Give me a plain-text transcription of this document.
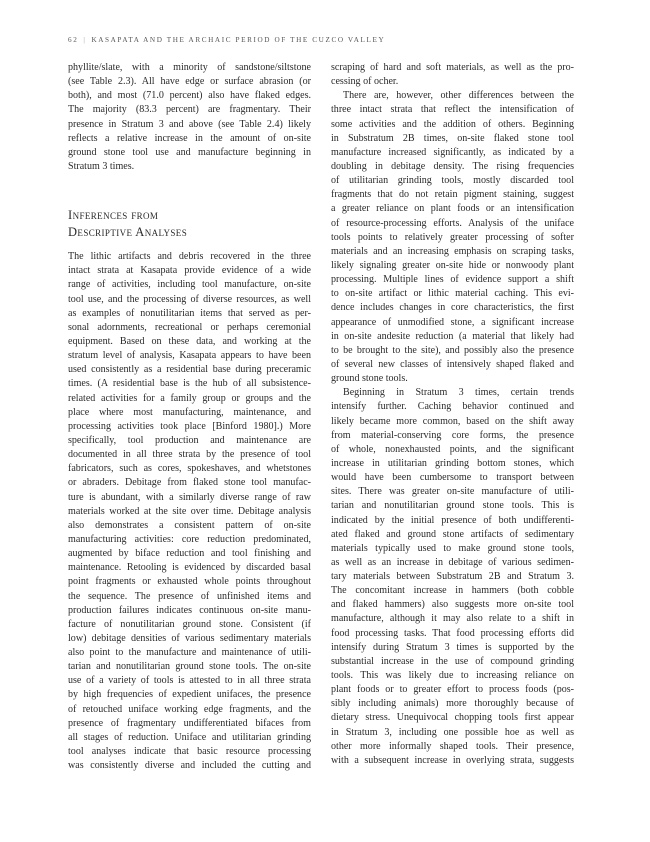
62 | KASAPATA AND THE ARCHAIC PERIOD OF THE CUZCO VALLEY
phyllite/slate, with a minority of sandstone/siltstone
(see Table 2.3). All have edge or surface abrasion (or
both), and most (71.0 percent) also have flaked edges.
The majority (83.3 percent) are fragmentary. Their
presence in Stratum 3 and above (see Table 2.4) likely
reflects a relative increase in the amount of on-site
ground stone tool use and manufacture beginning in
Stratum 3 times.
Inferences from
Descriptive Analyses
The lithic artifacts and debris recovered in the three
intact strata at Kasapata provide evidence of a wide
range of activities, including tool manufacture, on-site
tool use, and the processing of diverse resources, as well
as examples of nonutilitarian items that served as per-
sonal adornments, recreational or perhaps ceremonial
equipment. Based on these data, and working at the
stratum level of analysis, Kasapata appears to have been
used consistently as a residential base during preceramic
times. (A residential base is the hub of all subsistence-
related activities for a family group or groups and the
place where most manufacturing, maintenance, and
processing activities took place [Binford 1980].) More
specifically, tool production and maintenance are
documented in all three strata by the presence of tool
fabricators, such as cores, spokeshaves, and whetstones
or abraders. Debitage from flaked stone tool manufac-
ture is abundant, with a similarly diverse range of raw
materials worked at the site over time. Debitage analysis
also demonstrates a consistent pattern of on-site
manufacturing activities: core reduction predominated,
augmented by biface reduction and tool finishing and
maintenance. Retooling is evidenced by discarded basal
point fragments or exhausted whole points throughout
the sequence. The presence of unfinished items and
production failures indicates continuous on-site manu-
facture of nonutilitarian ground stone. Consistent (if
low) debitage densities of various sedimentary materials
also point to the manufacture and maintenance of utili-
tarian and nonutilitarian ground stone tools. The on-site
use of a variety of tools is attested to in all three strata
by high frequencies of expedient unifaces, the presence
of retouched uniface working edge fragments, and the
presence of fragmentary undifferentiated bifaces from
all stages of reduction. Uniface and utilitarian grinding
tool analyses indicate that basic resource processing
was consistently diverse and included the cutting and
scraping of hard and soft materials, as well as the pro-
cessing of ocher.
There are, however, other differences between the
three intact strata that reflect the intensification of
some activities and the addition of others. Beginning
in Substratum 2B times, on-site flaked stone tool
manufacture increased significantly, as indicated by a
doubling in debitage density. The rising frequencies
of utilitarian grinding tools, mostly discarded tool
fragments that do not retain pigment staining, suggest
a greater reliance on plant foods or an intensification
of resource-processing efforts. Analysis of the uniface
tools points to relatively greater processing of softer
materials and an increasing emphasis on scraping tasks,
likely signaling greater on-site hide or nonwoody plant
processing. Multiple lines of evidence support a shift
to on-site artifact or lithic material caching. This evi-
dence includes changes in core characteristics, the first
appearance of unmodified stone, a significant increase
in on-site andesite reduction (a material that likely had
to be brought to the site), and possibly also the presence
of several new classes of intensively shaped flaked and
ground stone tools.
Beginning in Stratum 3 times, certain trends
intensify further. Caching behavior continued and
likely became more common, based on the shift away
from material-conserving core forms, the presence
of whole, nonexhausted points, and the significant
increase in utilitarian grinding bottom stones, which
would have been cumbersome to transport between
sites. There was greater on-site manufacture of utili-
tarian and nonutilitarian ground stone tools. This is
indicated by the initial presence of both undifferenti-
ated flaked and ground stone artifacts of sedimentary
materials typically used to make ground stone tools,
as well as an increase in debitage of various sedimen-
tary materials between Substratum 2B and Stratum 3.
The concomitant increase in hammers (both cobble
and flaked hammers) also suggests more on-site tool
manufacture, although it may also relate to a shift in
food processing tasks. That food processing efforts did
intensify during Stratum 3 times is supported by the
substantial increase in the use of compound grinding
tools. This was likely due to increasing reliance on
plant foods or to greater effort to process foods (pos-
sibly including animals) more thoroughly because of
dietary stress. Unequivocal chopping tools first appear
in Stratum 3, including one possible hoe as well as
other more informally shaped tools. Their presence,
with a subsequent increase in overlying strata, suggests
